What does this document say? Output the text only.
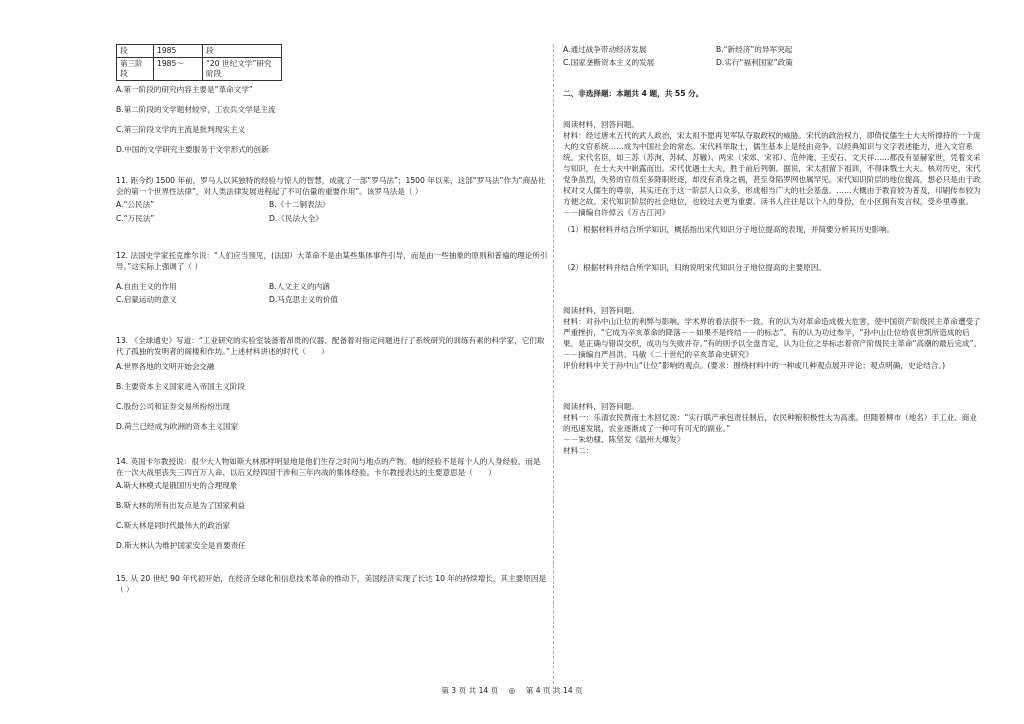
段	1985	段
第三阶段	1985～	“20 世纪文学”研究阶段

A.第一阶段的研究内容主要是“革命文学”

B.第二阶段的文学题材较窄，工农兵文学是主流

C.第三阶段文学的主流是批判现实主义

D.中国的文学研究主要服务于文学形式的创新

11. 距今约 1500 年前，罗马人以其独特的经验与惊人的智慧，成就了一部“罗马法”；1500 年以来，这部“罗马法”作为“商品社会的第一个世界性法律”，对人类法律发展进程起了不可估量的重要作用”。该罗马法是（ ）

A.“公民法”	B.《十二铜表法》
C.“万民法”	D.《民法大全》

12. 法国史学家托克维尔说：“人们应当预见，(法国）大革命不是由某些集体事件引导，而是由一些抽象的原则和普遍的理论所引导。”这实际上强调了（ ）

A.自由主义的作用	B.人文主义的内涵
C.启蒙运动的意义	D.马克思主义的价值

13. 《全球通史》写道：“工业研究的实验室装备着昂贵的仪器、配备着对指定问题进行了系统研究的训练有素的科学家，它们取代了孤独的发明者的阁楼和作坊。”上述材料讲述的时代（　　）

A.世界各地的文明开始会交融

B.主要资本主义国家进入帝国主义阶段

C.股份公司和证券交易所纷纷出现

D.荷兰已经成为欧洲的资本主义国家

14. 英国卡尔教授说：很少大人物如斯大林那样明显地是他们生存之时间与地点的产物。他的经验不是每个人的人身经验，而是在一次大战里丧失三四百万人命、以后又经四国干涉和三年内战的集体经验。卡尔教授表达的主要意思是（　　）

A.斯大林模式是俄国历史的合理现象

B.斯大林的所有出发点是为了国家利益

C.斯大林是同时代最伟大的政治家

D.斯大林认为维护国家安全是首要责任

15. 从 20 世纪 90 年代初开始，在经济全球化和信息技术革命的推动下，美国经济实现了长达 10 年的持续增长。其主要原因是（ ）

A.通过战争带动经济发展	B.“新经济”的异军突起
C.国家垄断资本主义的发展	D.实行“福利国家”政策

二、非选择题：本题共 4 题，共 55 分。

阅读材料，回答问题。

材料：经过唐末五代的武人政治，宋太祖不愿再见军队夺取政权的威胁。宋代的政治权力，即倚仗儒生士大夫所撑持的一个庞大的文官系统……成为中国社会的常态。宋代科举取士，儒生基本上是经由竞争，以经典知识与文字表述能力，进入文官系统。宋代名臣，如三苏（苏洵、苏轼、苏辙）、两宋（宋郊、宋祁）、范仲淹、王安石、文天祥……都没有显赫家世，凭着文采与知识，在士大夫中崭露而出。宋代优遇士大夫，胜于前后列朝。据说，宋太祖留下祖训，不得诛戮士大夫。核对历史，宋代党争虽烈，失势的官员至多降职贬逐，却没有杀身之祸，甚至身陷罗网也属罕见。宋代知识阶层的地位提高，想必只是由于政权对文人儒生的尊崇，其实还在于这一阶层人口众多，形成相当广大的社会基盘。……大概由于教育较为普及，印刷传布较为方便之故。宋代知识阶层的社会地位，也较过去更为重要。读书人往往是以个人的身份，在小区拥有发言权，受乡里尊重。

－－摘编自许倬云《万古江河》

（1）根据材料并结合所学知识，概括指出宋代知识分子地位提高的表现，并简要分析其历史影响。

（2）根据材料并结合所学知识，归纳说明宋代知识分子地位提高的主要原因。

阅读材料，回答问题。

材料：对孙中山让位的利弊与影响，学术界的看法很不一致。有的认为对革命造成极大危害，使中国资产阶级民主革命遭受了严重挫折，“它成为辛亥革命的降落－－如果不是终结－－的标志”。有的认为功过参半，“孙中山让位给袁世凯所造成的后果，是正确与错误交织，成功与失败并存。”有的则予以全盘肯定，认为让位之举标志着资产阶级民主革命“高潮的最后完成”。

－－摘编自严昌洪、马敏《二十世纪的辛亥革命史研究》

评价材料中关于孙中山“让位”影响的观点。(要求：围绕材料中的一种或几种观点展开评论；观点明确，史论结合。)

阅读材料，回答问题。

材料一：乐清农民贾南士木回忆说：“实行联产承包责任制后，农民种粮积极性大为高涨。但随着柳市（地名）手工业、商业的迅速发展，农业逐渐成了一种可有可无的副业。”

－－朱幼棣、陈坚发《温州大爆发》

材料二：

第 3 页 共 14 页 ◎ 第 4 页 共 14 页
